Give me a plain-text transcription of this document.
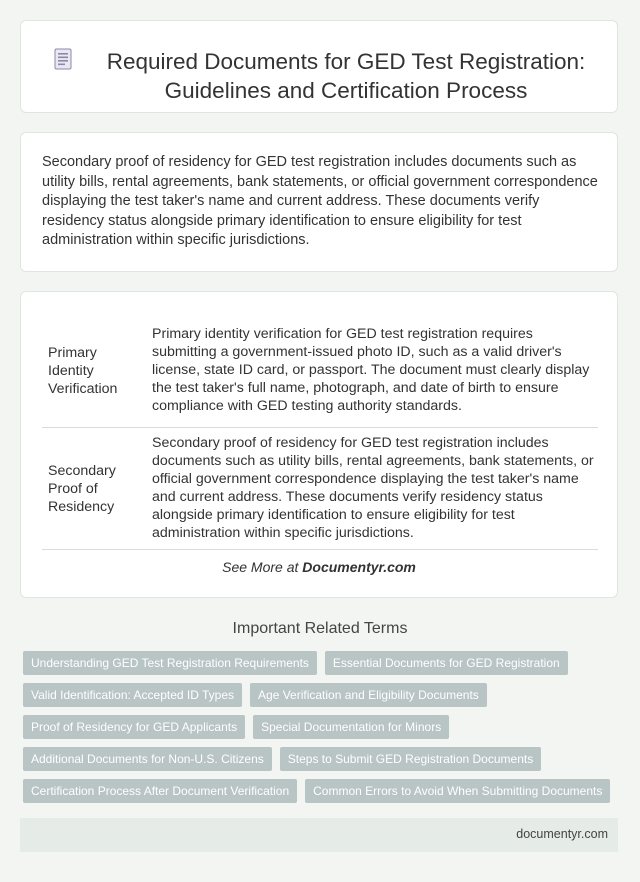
Required Documents for GED Test Registration: Guidelines and Certification Process

Secondary proof of residency for GED test registration includes documents such as utility bills, rental agreements, bank statements, or official government correspondence displaying the test taker's name and current address. These documents verify residency status alongside primary identification to ensure eligibility for test administration within specific jurisdictions.

Primary Identity Verification	Primary identity verification for GED test registration requires submitting a government-issued photo ID, such as a valid driver's license, state ID card, or passport. The document must clearly display the test taker's full name, photograph, and date of birth to ensure compliance with GED testing authority standards.
Secondary Proof of Residency	Secondary proof of residency for GED test registration includes documents such as utility bills, rental agreements, bank statements, or official government correspondence displaying the test taker's name and current address. These documents verify residency status alongside primary identification to ensure eligibility for test administration within specific jurisdictions.
See More at Documentyr.com
Important Related Terms
Understanding GED Test Registration Requirements	Essential Documents for GED Registration
Valid Identification: Accepted ID Types	Age Verification and Eligibility Documents
Proof of Residency for GED Applicants	Special Documentation for Minors
Additional Documents for Non-U.S. Citizens	Steps to Submit GED Registration Documents
Certification Process After Document Verification	Common Errors to Avoid When Submitting Documents
documentyr.com
